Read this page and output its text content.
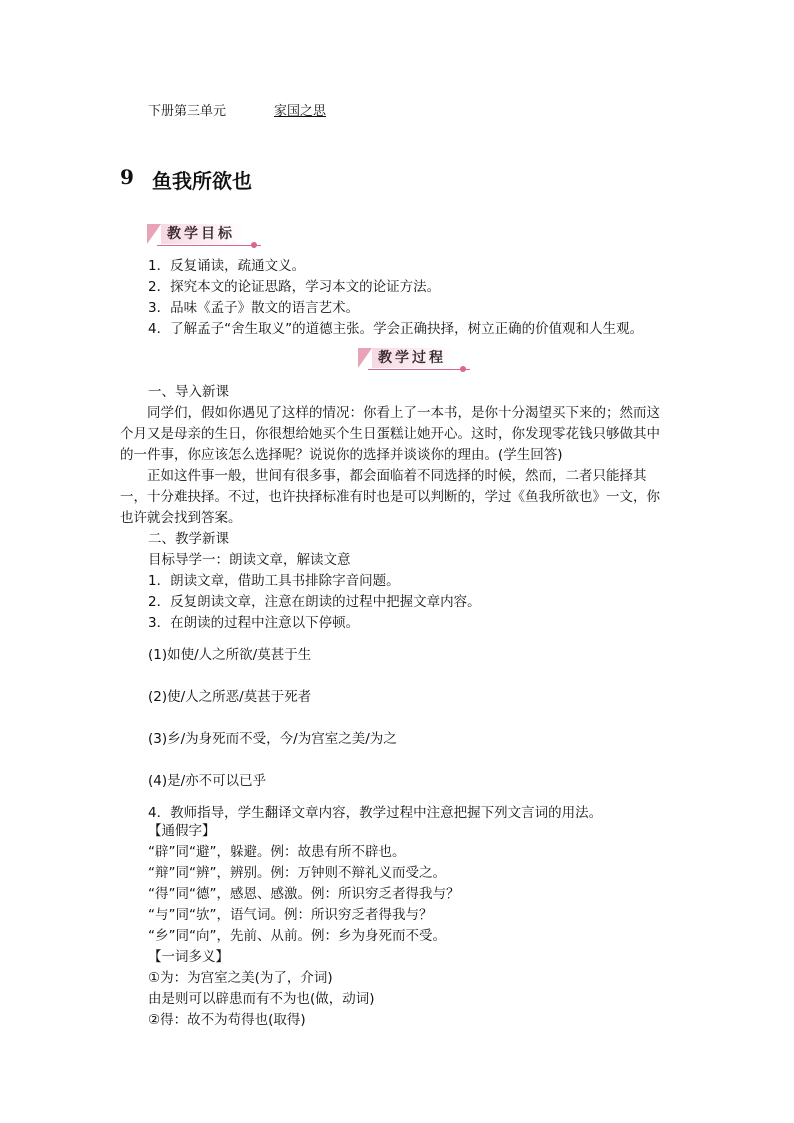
下册第三单元	家国之思
9 鱼我所欲也
教学目标
1．反复诵读，疏通文义。
2．探究本文的论证思路，学习本文的论证方法。
3．品味《孟子》散文的语言艺术。
4．了解孟子“舍生取义”的道德主张。学会正确抉择，树立正确的价值观和人生观。
教学过程
一、导入新课
同学们，假如你遇见了这样的情况：你看上了一本书，是你十分渴望买下来的；然而这个月又是母亲的生日，你很想给她买个生日蛋糕让她开心。这时，你发现零花钱只够做其中的一件事，你应该怎么选择呢？说说你的选择并谈谈你的理由。(学生回答)
正如这件事一般，世间有很多事，都会面临着不同选择的时候，然而，二者只能择其一，十分难抉择。不过，也许抉择标准有时也是可以判断的，学过《鱼我所欲也》一文，你也许就会找到答案。
二、教学新课
目标导学一：朗读文章，解读文意
1．朗读文章，借助工具书排除字音问题。
2．反复朗读文章，注意在朗读的过程中把握文章内容。
3．在朗读的过程中注意以下停顿。
(1)如使/人之所欲/莫甚于生
(2)使/人之所恶/莫甚于死者
(3)乡/为身死而不受，今/为宫室之美/为之
(4)是/亦不可以已乎
4．教师指导，学生翻译文章内容，教学过程中注意把握下列文言词的用法。
【通假字】
“辟”同“避”，躲避。例：故患有所不辟也。
“辩”同“辨”，辨别。例：万钟则不辩礼义而受之。
“得”同“德”，感恩、感激。例：所识穷乏者得我与？
“与”同“欤”，语气词。例：所识穷乏者得我与？
“乡”同“向”，先前、从前。例：乡为身死而不受。
【一词多义】
①为：为宫室之美(为了，介词)
由是则可以辟患而有不为也(做，动词)
②得：故不为苟得也(取得)
